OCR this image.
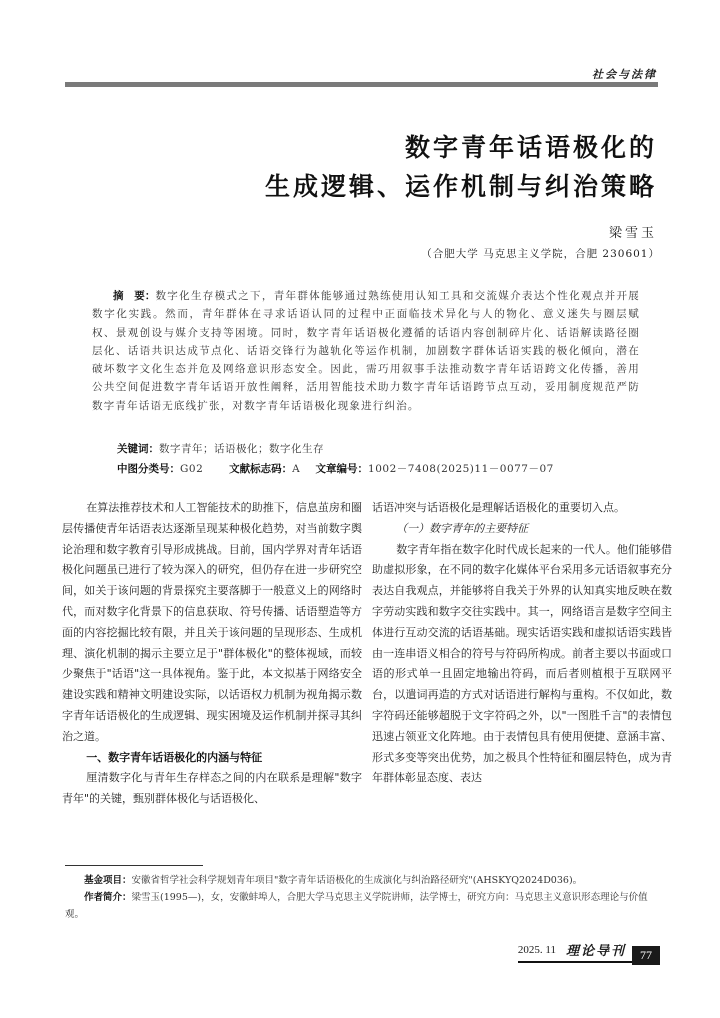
社会与法律
数字青年话语极化的
生成逻辑、运作机制与纠治策略
梁雪玉
（合肥大学 马克思主义学院，合肥 230601）
摘　要：数字化生存模式之下，青年群体能够通过熟练使用认知工具和交流媒介表达个性化观点并开展数字化实践。然而，青年群体在寻求话语认同的过程中正面临技术异化与人的物化、意义迷失与圈层赋权、景观创设与媒介支持等困境。同时，数字青年话语极化遵循的话语内容创制碎片化、话语解读路径圈层化、话语共识达成节点化、话语交锋行为越轨化等运作机制，加剧数字群体话语实践的极化倾向，潜在破坏数字文化生态并危及网络意识形态安全。因此，需巧用叙事手法推动数字青年话语跨文化传播，善用公共空间促进数字青年话语开放性阐释，活用智能技术助力数字青年话语跨节点互动，妥用制度规范严防数字青年话语无底线扩张，对数字青年话语极化现象进行纠治。
关键词：数字青年；话语极化；数字化生存
中图分类号：G02 文献标志码：A 文章编号：1002－7408(2025)11－0077－07

在算法推荐技术和人工智能技术的助推下，信息茧房和圈层传播使青年话语表达逐渐呈现某种极化趋势，对当前数字舆论治理和数字教育引导形成挑战。目前，国内学界对青年话语极化问题虽已进行了较为深入的研究，但仍存在进一步研究空间，如关于该问题的背景探究主要落脚于一般意义上的网络时代，而对数字化背景下的信息获取、符号传播、话语塑造等方面的内容挖掘比较有限，并且关于该问题的呈现形态、生成机理、演化机制的揭示主要立足于"群体极化"的整体视域，而较少聚焦于"话语"这一具体视角。鉴于此，本文拟基于网络安全建设实践和精神文明建设实际，以话语权力机制为视角揭示数字青年话语极化的生成逻辑、现实困境及运作机制并探寻其纠治之道。

一、数字青年话语极化的内涵与特征

厘清数字化与青年生存样态之间的内在联系是理解"数字青年"的关键，甄别群体极化与话语极化、

话语冲突与话语极化是理解话语极化的重要切入点。

（一）数字青年的主要特征

数字青年指在数字化时代成长起来的一代人。他们能够借助虚拟形象，在不同的数字化媒体平台采用多元话语叙事充分表达自我观点，并能够将自我关于外界的认知真实地反映在数字劳动实践和数字交往实践中。其一，网络语言是数字空间主体进行互动交流的话语基础。现实话语实践和虚拟话语实践皆由一连串语义相合的符号与符码所构成。前者主要以书面或口语的形式单一且固定地输出符码，而后者则植根于互联网平台，以遣词再造的方式对话语进行解构与重构。不仅如此，数字符码还能够超脱于文字符码之外，以"一图胜千言"的表情包迅速占领亚文化阵地。由于表情包具有使用便捷、意涵丰富、形式多变等突出优势，加之极具个性特征和圈层特色，成为青年群体彰显态度、表达

基金项目：安徽省哲学社会科学规划青年项目"数字青年话语极化的生成演化与纠治路径研究"(AHSKYQ2024D036)。

作者简介：梁雪玉(1995—)，女，安徽蚌埠人，合肥大学马克思主义学院讲师，法学博士，研究方向：马克思主义意识形态理论与价值观。

2025. 11 理论导刊	77
